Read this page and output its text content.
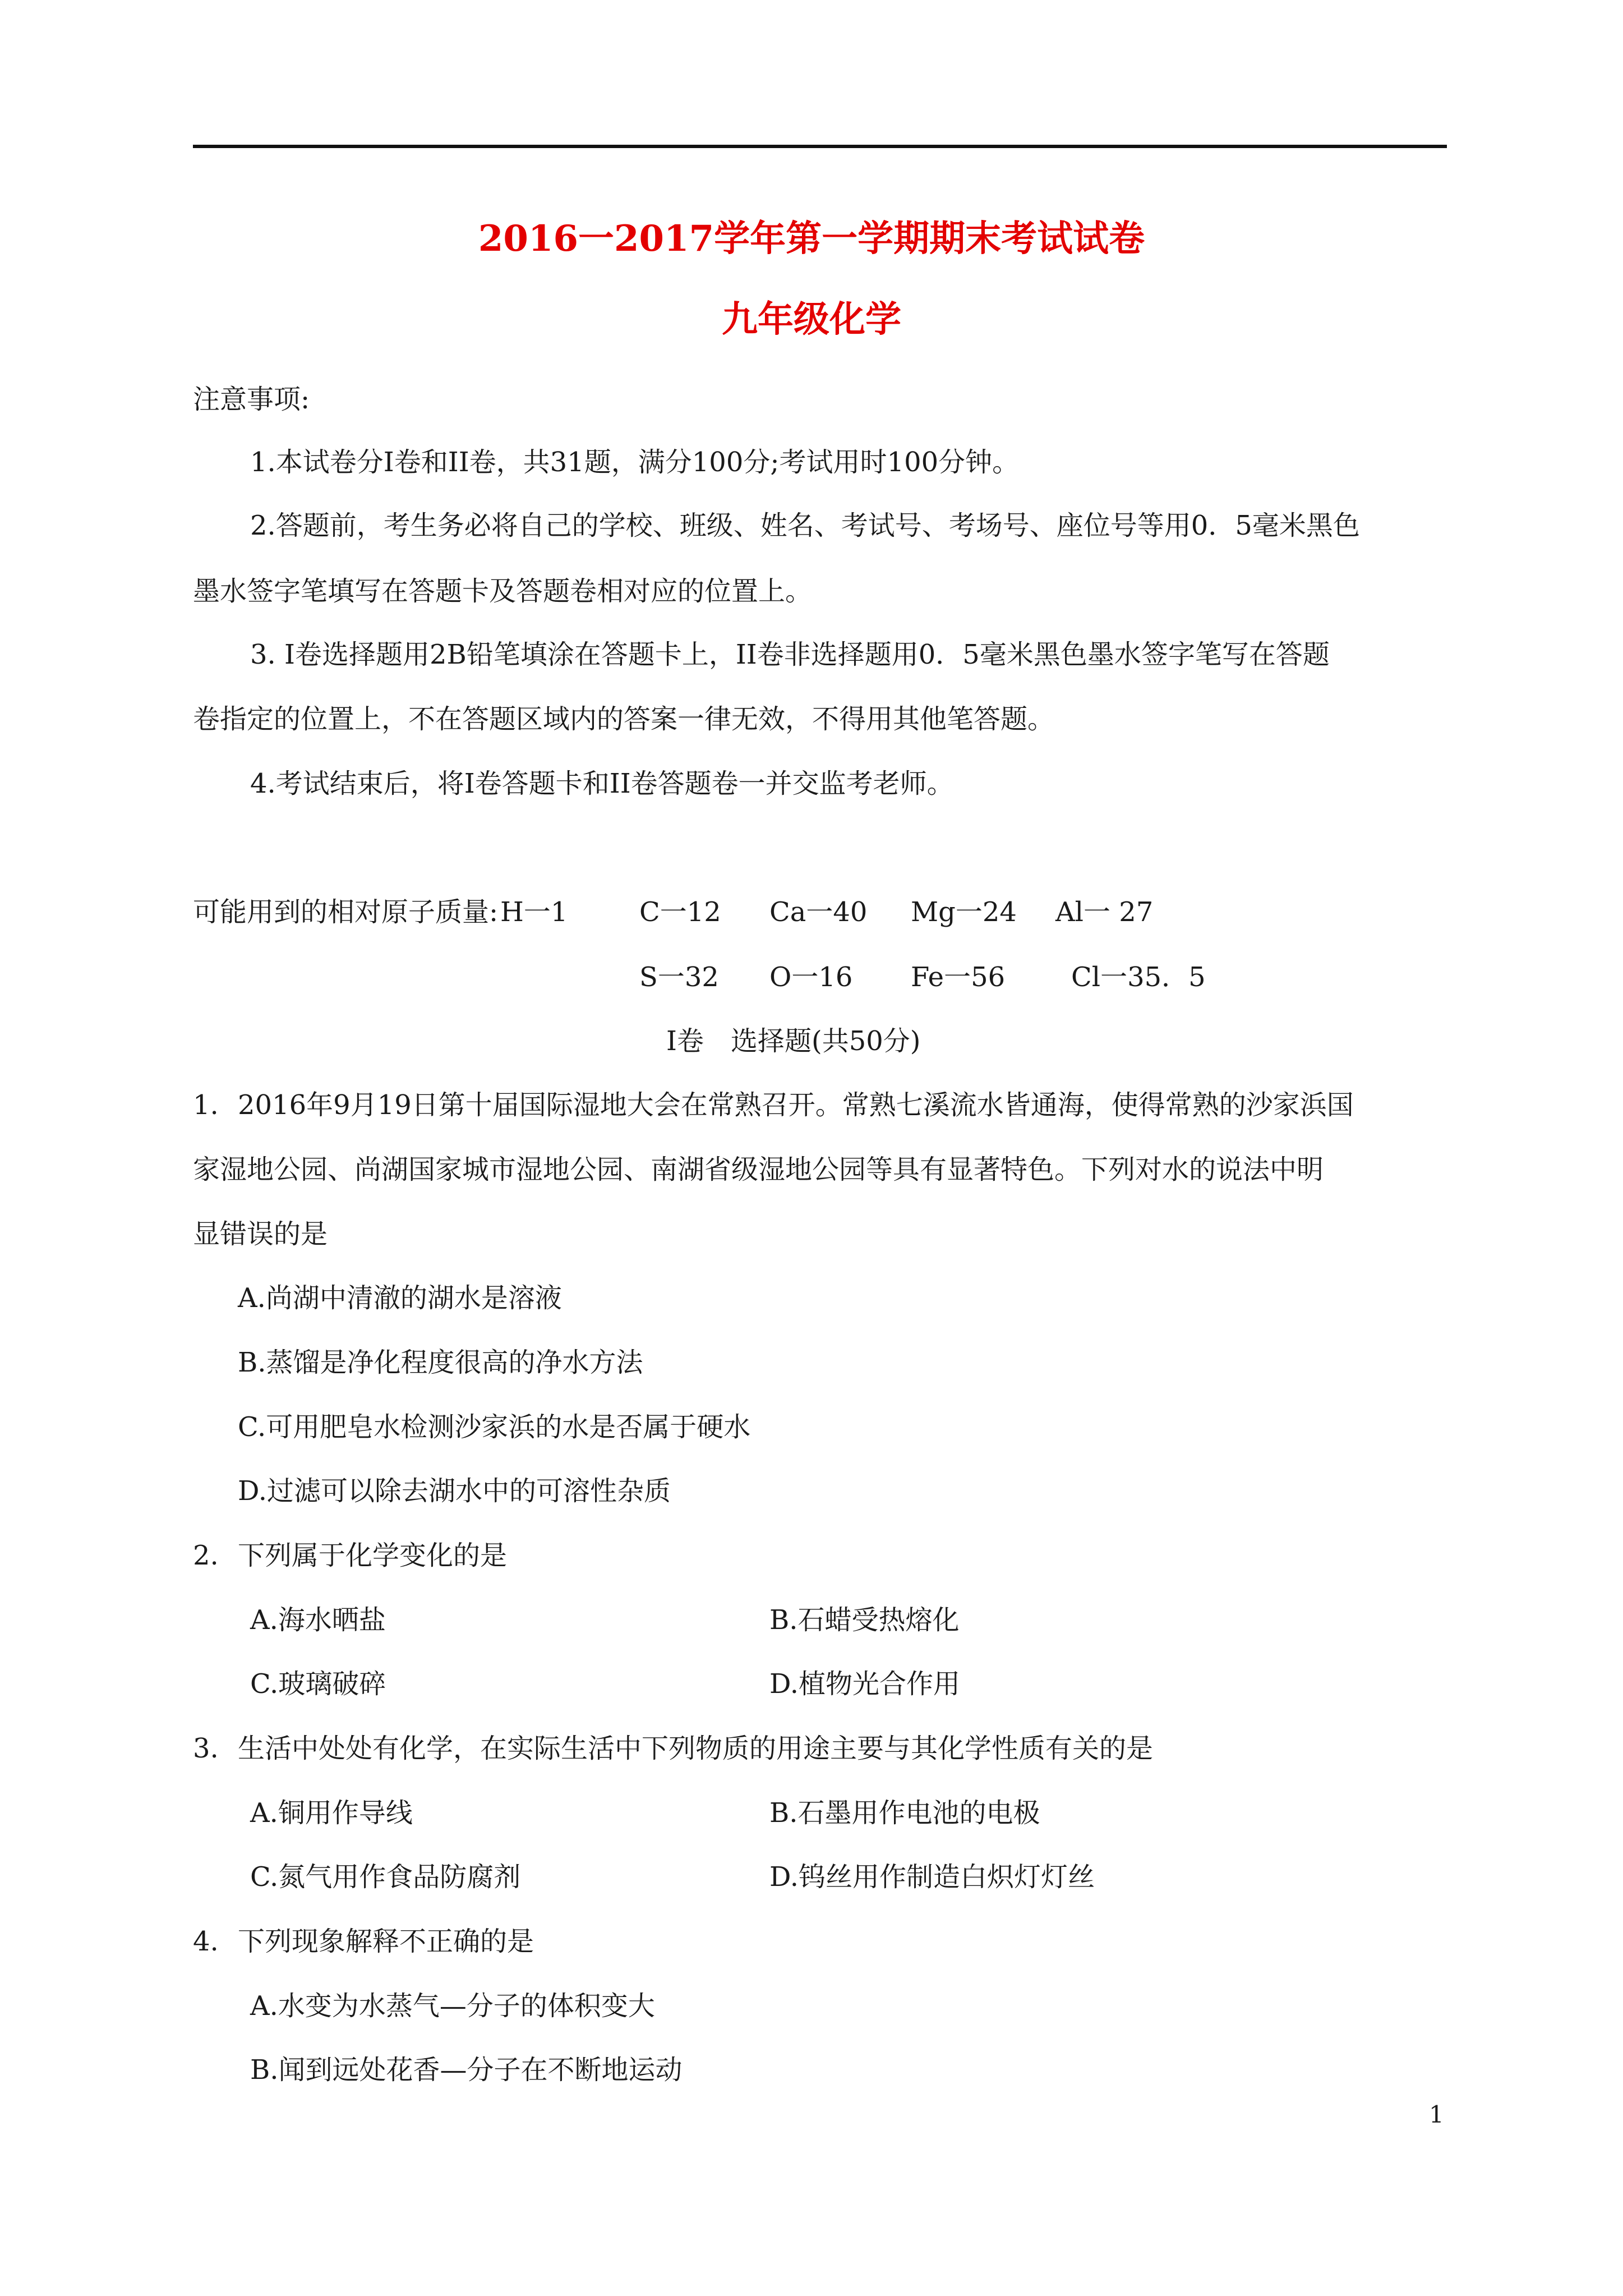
2016一2017学年第一学期期末考试试卷
九年级化学
注意事项:
1.本试卷分Ⅰ卷和II卷，共31题，满分100分;考试用时100分钟。
2.答题前，考生务必将自己的学校、班级、姓名、考试号、考场号、座位号等用0．5毫米黑色
墨水签字笔填写在答题卡及答题卷相对应的位置上。
3. Ⅰ卷选择题用2B铅笔填涂在答题卡上，II卷非选择题用0．5毫米黑色墨水签字笔写在答题
卷指定的位置上，不在答题区域内的答案一律无效，不得用其他笔答题。
4.考试结束后，将Ⅰ卷答题卡和II卷答题卷一并交监考老师。
可能用到的相对原子质量: H一1	C一12 Ca一40 Mg一24 Al一 27
S一32 O一16 Fe一56 Cl一35．5
Ⅰ卷　选择题(共50分)
1. 2016年9月19日第十届国际湿地大会在常熟召开。常熟七溪流水皆通海，使得常熟的沙家浜国
家湿地公园、尚湖国家城市湿地公园、南湖省级湿地公园等具有显著特色。下列对水的说法中明
显错误的是
A.尚湖中清澈的湖水是溶液
B.蒸馏是净化程度很高的净水方法
C.可用肥皂水检测沙家浜的水是否属于硬水
D.过滤可以除去湖水中的可溶性杂质
2. 下列属于化学变化的是
A.海水晒盐	B.石蜡受热熔化
C.玻璃破碎	D.植物光合作用
3. 生活中处处有化学，在实际生活中下列物质的用途主要与其化学性质有关的是
A.铜用作导线	B.石墨用作电池的电极
C.氮气用作食品防腐剂	D.钨丝用作制造白炽灯灯丝
4. 下列现象解释不正确的是
A.水变为水蒸气—分子的体积变大
B.闻到远处花香—分子在不断地运动
1
